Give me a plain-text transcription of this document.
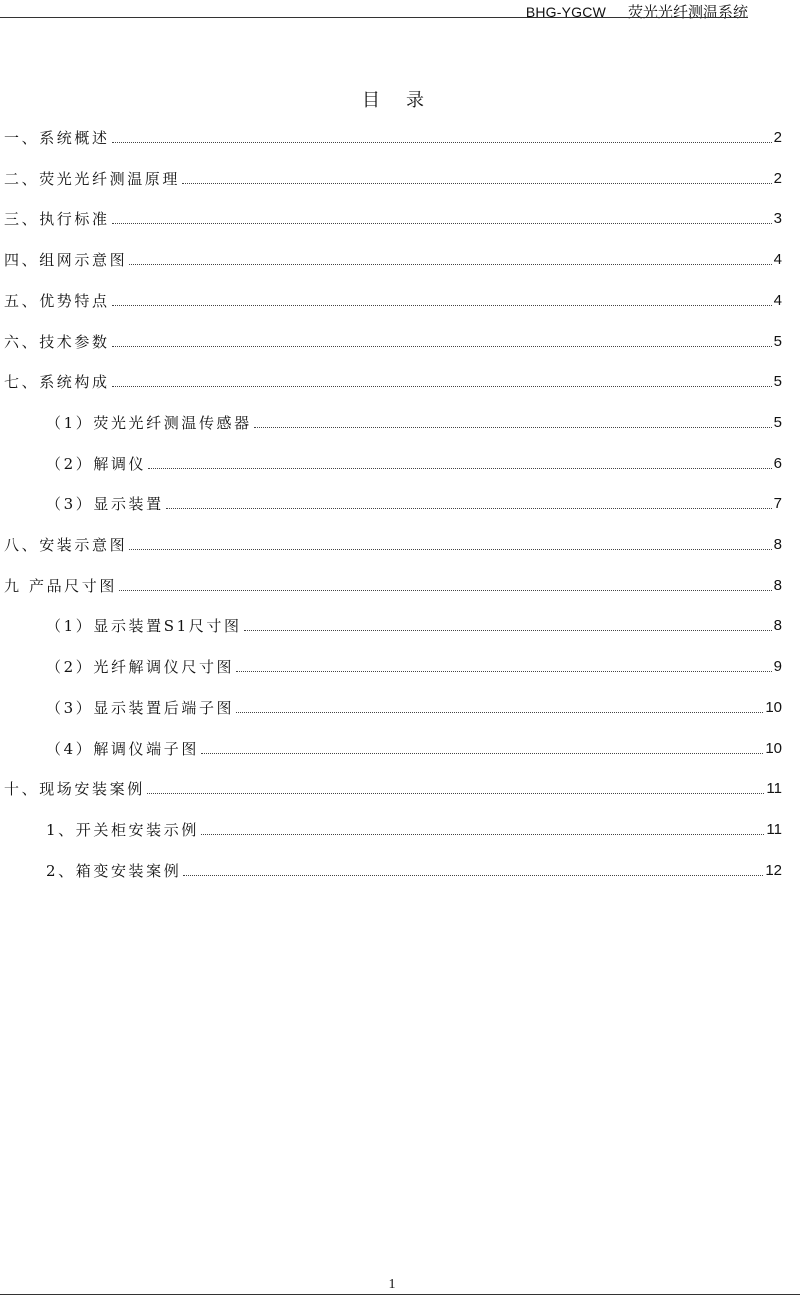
BHG-YGCW 荧光光纤测温系统
目录
一、系统概述	2
二、荧光光纤测温原理	2
三、执行标准	3
四、组网示意图	4
五、优势特点	4
六、技术参数	5
七、系统构成	5
（1）荧光光纤测温传感器	5
（2）解调仪	6
（3）显示装置	7
八、安装示意图	8
九 产品尺寸图	8
（1）显示装置S1尺寸图	8
（2）光纤解调仪尺寸图	9
（3）显示装置后端子图	10
（4）解调仪端子图	10
十、现场安装案例	11
1、开关柜安装示例	11
2、箱变安装案例	12
1
